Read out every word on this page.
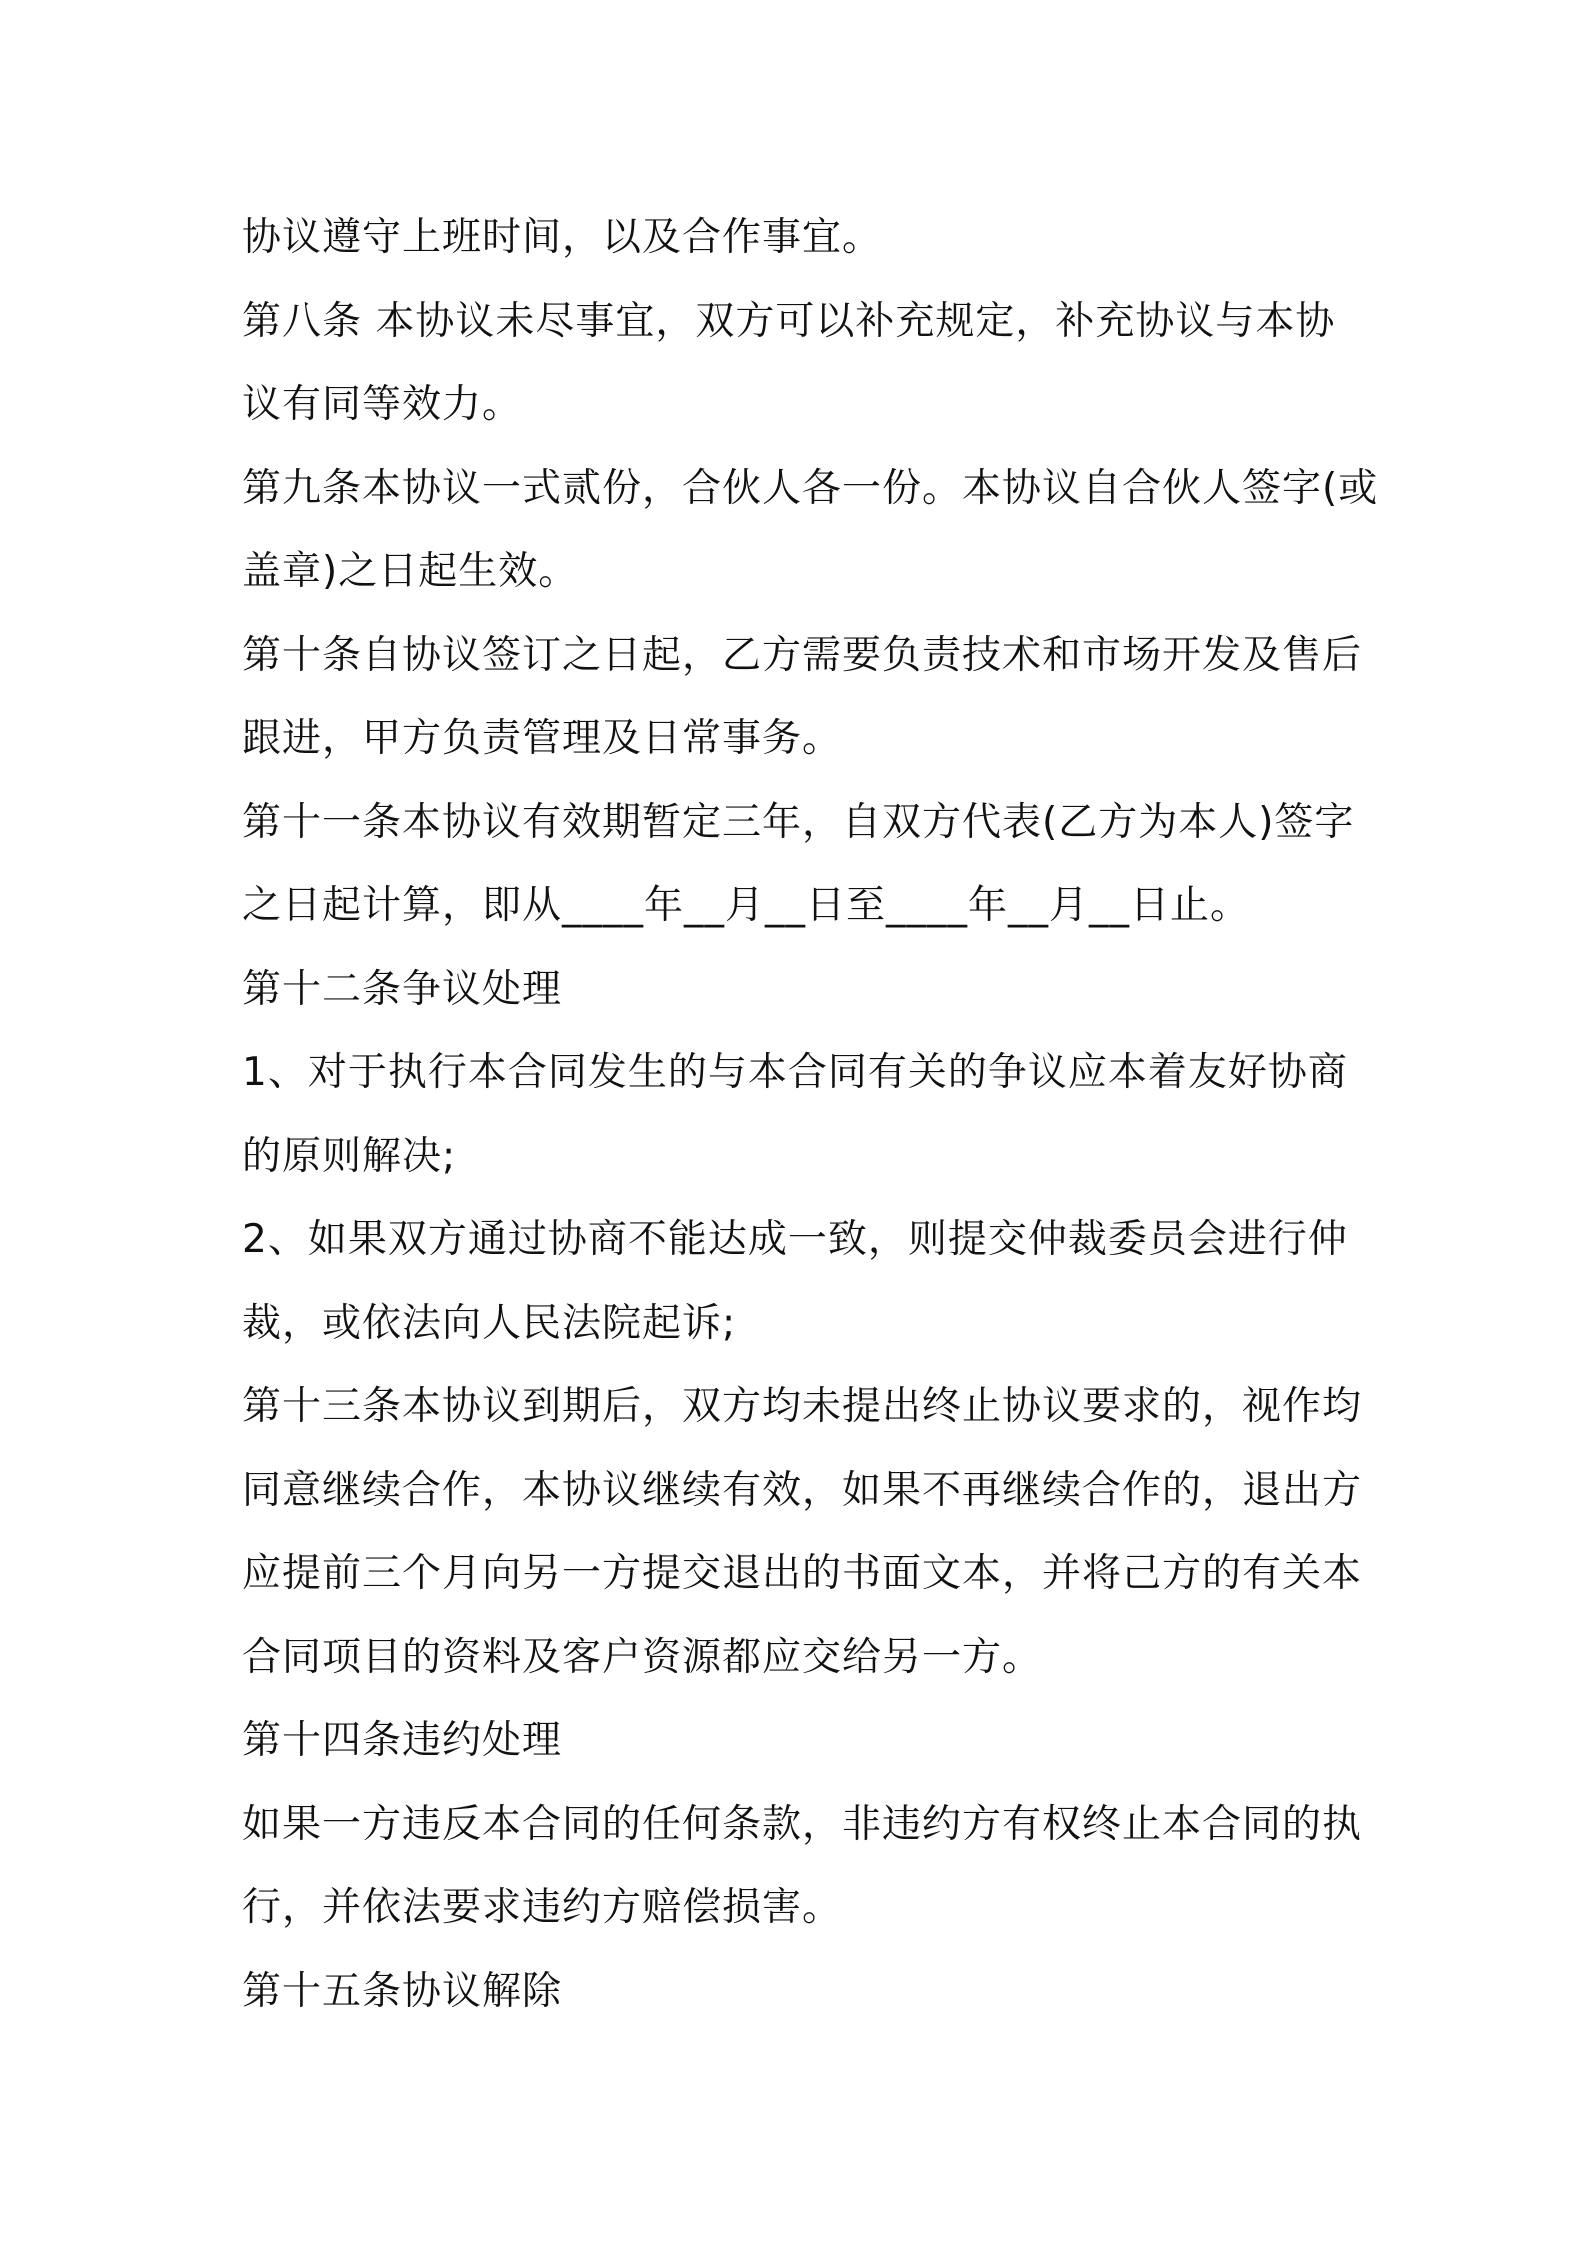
协议遵守上班时间，以及合作事宜。
第八条 本协议未尽事宜，双方可以补充规定，补充协议与本协
议有同等效力。
第九条本协议一式贰份，合伙人各一份。本协议自合伙人签字(或
盖章)之日起生效。
第十条自协议签订之日起，乙方需要负责技术和市场开发及售后
跟进，甲方负责管理及日常事务。
第十一条本协议有效期暂定三年，自双方代表(乙方为本人)签字
之日起计算，即从____年__月__日至____年__月__日止。
第十二条争议处理
1、对于执行本合同发生的与本合同有关的争议应本着友好协商
的原则解决;
2、如果双方通过协商不能达成一致，则提交仲裁委员会进行仲
裁，或依法向人民法院起诉;
第十三条本协议到期后，双方均未提出终止协议要求的，视作均
同意继续合作，本协议继续有效，如果不再继续合作的，退出方
应提前三个月向另一方提交退出的书面文本，并将己方的有关本
合同项目的资料及客户资源都应交给另一方。
第十四条违约处理
如果一方违反本合同的任何条款，非违约方有权终止本合同的执
行，并依法要求违约方赔偿损害。
第十五条协议解除
